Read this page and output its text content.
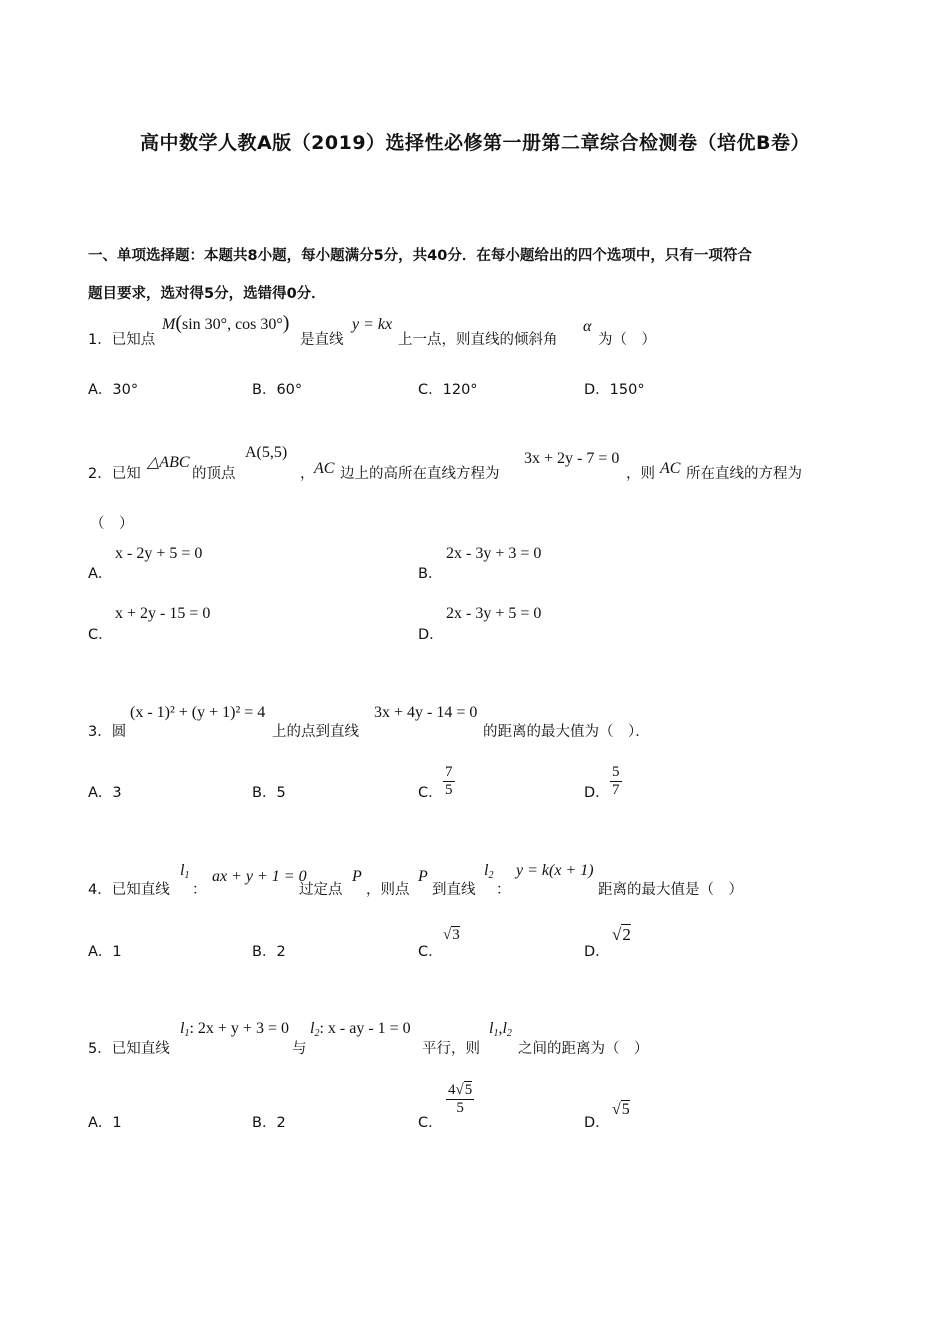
高中数学人教A版（2019）选择性必修第一册第二章综合检测卷（培优B卷）
一、单项选择题：本题共8小题，每小题满分5分，共40分．在每小题给出的四个选项中，只有一项符合
题目要求，选对得5分，选错得0分．
1．已知点
M(sin 30°, cos 30°)
是直线
y = kx
上一点，则直线的倾斜角
α
为（　）
A．30°	B．60°	C．120°	D．150°
2．已知
△ABC
的顶点
A(5,5)
， AC 边上的高所在直线方程为
3x + 2y - 7 = 0
，则 AC 所在直线的方程为
（　）
A．
x - 2y + 5 = 0
B．
2x - 3y + 3 = 0
C．
x + 2y - 15 = 0
D．
2x - 3y + 5 = 0
3．圆
(x - 1)² + (y + 1)² = 4
上的点到直线
3x + 4y - 14 = 0
的距离的最大值为（　）．
A．3	B．5	C． $\frac{7}{5}$	D． $\frac{5}{7}$
4．已知直线
$l_1$
：
ax + y + 1 = 0
过定点
P
，则点
P
到直线
$l_2$
：
y = k(x + 1)
距离的最大值是（　）
A．1	B．2	C．
√3
D．
√2
5．已知直线
$l_1$: 2x + y + 3 = 0
与
$l_2$: x - ay - 1 = 0
平行，则
$l_1,l_2$
之间的距离为（　）
A．1	B．2	C．
$\frac{4√5}{5}$
D．
√5
